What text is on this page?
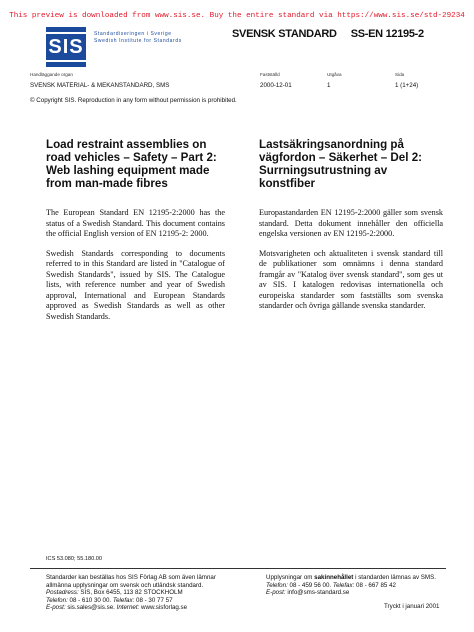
This preview is downloaded from www.sis.se. Buy the entire standard via https://www.sis.se/std-29234
SIS
Standardiseringen i Sverige
Swedish Institute for Standards
SVENSK STANDARD SS-EN 12195-2
Handläggande organ	Fastställd	Utgåva	Sida
SVENSK MATERIAL- & MEKANSTANDARD, SMS	2000-12-01	1	1 (1+24)
© Copyright SIS. Reproduction in any form without permission is prohibited.
Load restraint assemblies on road vehicles – Safety – Part 2: Web lashing equipment made from man-made fibres
Lastsäkringsanordning på vägfordon – Säkerhet – Del 2: Surrningsutrustning av konstfiber

The European Standard EN 12195-2:2000 has the status of a Swedish Standard. This document contains the official English version of EN 12195-2: 2000.

Swedish Standards corresponding to documents referred to in this Standard are listed in "Catalogue of Swedish Standards", issued by SIS. The Catalogue lists, with reference number and year of Swedish approval, International and European Standards approved as Swedish Standards as well as other Swedish Standards.

Europastandarden EN 12195-2:2000 gäller som svensk standard. Detta dokument innehåller den officiella engelska versionen av EN 12195-2:2000.

Motsvarigheten och aktualiteten i svensk standard till de publikationer som omnämns i denna standard framgår av "Katalog över svensk standard", som ges ut av SIS. I katalogen redovisas internationella och europeiska standarder som fastställts som svenska standarder och övriga gällande svenska standarder.

ICS 53.080; 55.180.00
Standarder kan beställas hos SIS Förlag AB som även lämnar
allmänna upplysningar om svensk och utländsk standard.
Postadress: SIS, Box 6455, 113 82 STOCKHOLM
Telefon: 08 - 610 30 00. Telefax: 08 - 30 77 57
E-post: sis.sales@sis.se. Internet: www.sisforlag.se
Upplysningar om sakinnehållet i standarden lämnas av SMS.
Telefon: 08 - 459 56 00. Telefax: 08 - 667 85 42
E-post: info@sms-standard.se
Tryckt i januari 2001
